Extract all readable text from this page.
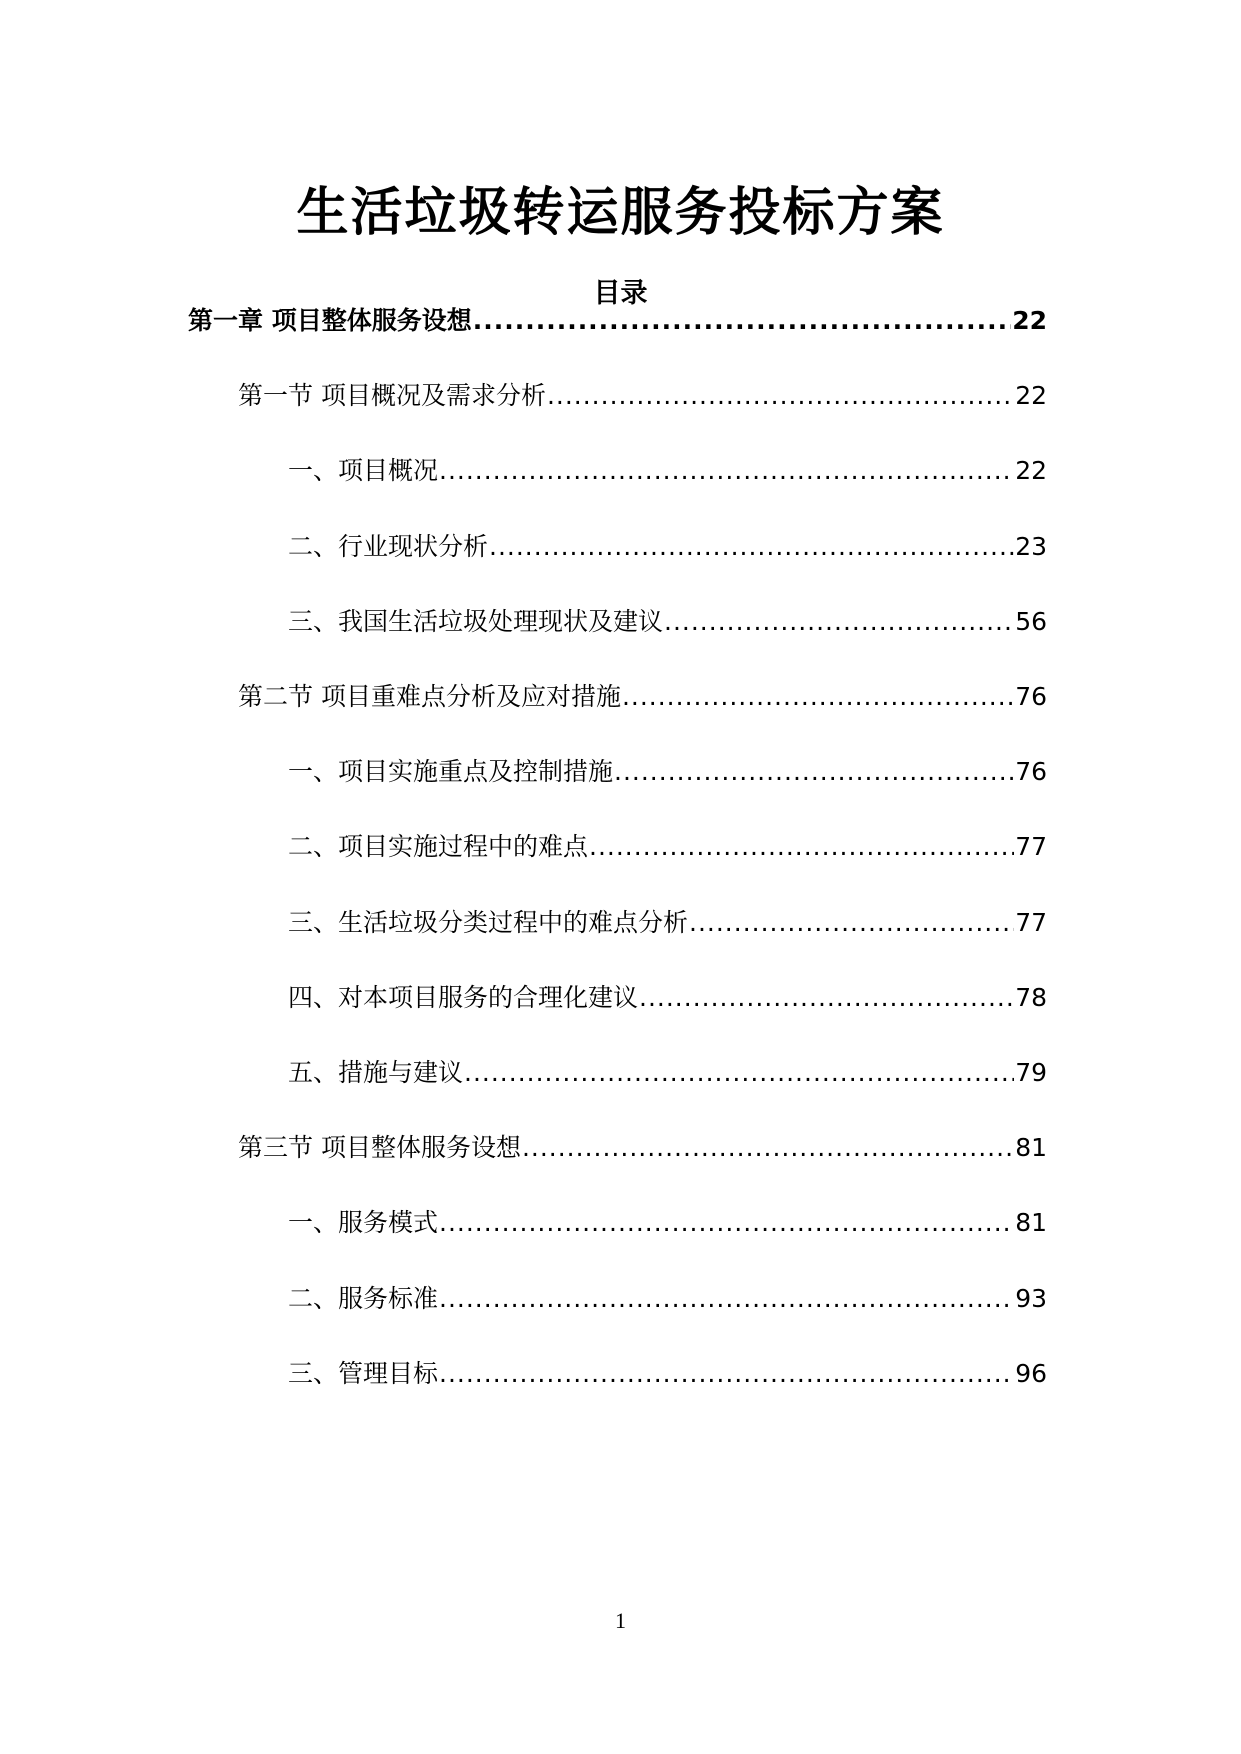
生活垃圾转运服务投标方案
目录
第一章 项目整体服务设想 .....	22
第一节 项目概况及需求分析 .....	22
一、项目概况 .....	22
二、行业现状分析 .....	23
三、我国生活垃圾处理现状及建议 .....	56
第二节 项目重难点分析及应对措施 .....	76
一、项目实施重点及控制措施 .....	76
二、项目实施过程中的难点 .....	77
三、生活垃圾分类过程中的难点分析 .....	77
四、对本项目服务的合理化建议 .....	78
五、措施与建议 .....	79
第三节 项目整体服务设想 .....	81
一、服务模式 .....	81
二、服务标准 .....	93
三、管理目标 .....	96
1
